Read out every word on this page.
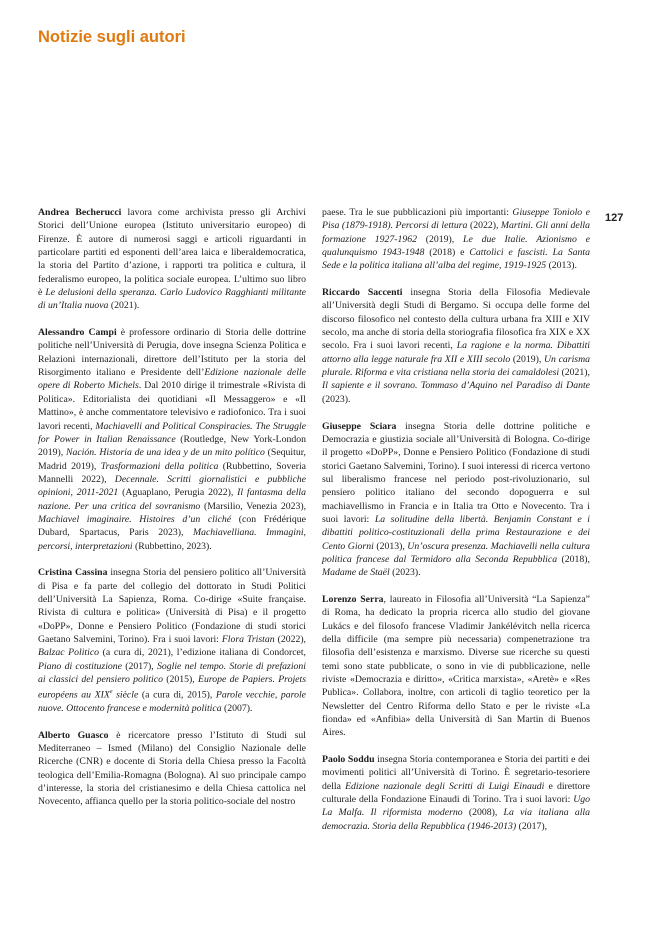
Notizie sugli autori
127

Andrea Becherucci lavora come archivista presso gli Archivi Storici dell’Unione europea (Istituto universitario europeo) di Firenze. È autore di numerosi saggi e articoli riguardanti in particolare partiti ed esponenti dell’area laica e liberaldemocratica, la storia del Partito d’azione, i rapporti tra politica e cultura, il federalismo europeo, la politica sociale europea. L’ultimo suo libro è Le delusioni della speranza. Carlo Ludovico Ragghianti militante di un’Italia nuova (2021).

Alessandro Campi è professore ordinario di Storia delle dottrine politiche nell’Università di Perugia, dove insegna Scienza Politica e Relazioni internazionali, direttore dell’Istituto per la storia del Risorgimento italiano e Presidente dell’Edizione nazionale delle opere di Roberto Michels. Dal 2010 dirige il trimestrale «Rivista di Politica». Editorialista dei quotidiani «Il Messaggero» e «Il Mattino», è anche commentatore televisivo e radiofonico. Tra i suoi lavori recenti, Machiavelli and Political Conspiracies. The Struggle for Power in Italian Renaissance (Routledge, New York-London 2019), Nación. Historia de una idea y de un mito político (Sequitur, Madrid 2019), Trasformazioni della politica (Rubbettino, Soveria Mannelli 2022), Decennale. Scritti giornalistici e pubbliche opinioni, 2011-2021 (Aguaplano, Perugia 2022), Il fantasma della nazione. Per una critica del sovranismo (Marsilio, Venezia 2023), Machiavel imaginaire. Histoires d’un cliché (con Frédérique Dubard, Spartacus, Paris 2023), Machiavelliana. Immagini, percorsi, interpretazioni (Rubbettino, 2023).

Cristina Cassina insegna Storia del pensiero politico all’Università di Pisa e fa parte del collegio del dottorato in Studi Politici dell’Università La Sapienza, Roma. Co-dirige «Suite française. Rivista di cultura e politica» (Università di Pisa) e il progetto «DoPP», Donne e Pensiero Politico (Fondazione di studi storici Gaetano Salvemini, Torino). Fra i suoi lavori: Flora Tristan (2022), Balzac Politico (a cura di, 2021), l’edizione italiana di Condorcet, Piano di costituzione (2017), Soglie nel tempo. Storie di prefazioni ai classici del pensiero politico (2015), Europe de Papiers. Projets européens au XIXe siècle (a cura di, 2015), Parole vecchie, parole nuove. Ottocento francese e modernità politica (2007).

Alberto Guasco è ricercatore presso l’Istituto di Studi sul Mediterraneo – Ismed (Milano) del Consiglio Nazionale delle Ricerche (CNR) e docente di Storia della Chiesa presso la Facoltà teologica dell’Emilia-Romagna (Bologna). Al suo principale campo d’interesse, la storia del cristianesimo e della Chiesa cattolica nel Novecento, affianca quello per la storia politico-sociale del nostro

paese. Tra le sue pubblicazioni più importanti: Giuseppe Toniolo e Pisa (1879-1918). Percorsi di lettura (2022), Martini. Gli anni della formazione 1927-1962 (2019), Le due Italie. Azionismo e qualunquismo 1943-1948 (2018) e Cattolici e fascisti. La Santa Sede e la politica italiana all’alba del regime, 1919-1925 (2013).

Riccardo Saccenti insegna Storia della Filosofia Medievale all’Università degli Studi di Bergamo. Si occupa delle forme del discorso filosofico nel contesto della cultura urbana fra XIII e XIV secolo, ma anche di storia della storiografia filosofica fra XIX e XX secolo. Fra i suoi lavori recenti, La ragione e la norma. Dibattiti attorno alla legge naturale fra XII e XIII secolo (2019), Un carisma plurale. Riforma e vita cristiana nella storia dei camaldolesi (2021), Il sapiente e il sovrano. Tommaso d’Aquino nel Paradiso di Dante (2023).

Giuseppe Sciara insegna Storia delle dottrine politiche e Democrazia e giustizia sociale all’Università di Bologna. Co-dirige il progetto «DoPP», Donne e Pensiero Politico (Fondazione di studi storici Gaetano Salvemini, Torino). I suoi interessi di ricerca vertono sul liberalismo francese nel periodo post-rivoluzionario, sul pensiero politico italiano del secondo dopoguerra e sul machiavellismo in Francia e in Italia tra Otto e Novecento. Tra i suoi lavori: La solitudine della libertà. Benjamin Constant e i dibattiti politico-costituzionali della prima Restaurazione e dei Cento Giorni (2013), Un’oscura presenza. Machiavelli nella cultura politica francese dal Termidoro alla Seconda Repubblica (2018), Madame de Staël (2023).

Lorenzo Serra, laureato in Filosofia all’Università “La Sapienza” di Roma, ha dedicato la propria ricerca allo studio del giovane Lukács e del filosofo francese Vladimir Jankélévitch nella ricerca della difficile (ma sempre più necessaria) compenetrazione tra filosofia dell’esistenza e marxismo. Diverse sue ricerche su questi temi sono state pubblicate, o sono in vie di pubblicazione, nelle riviste «Democrazia e diritto», «Critica marxista», «Aretè» e «Res Publica». Collabora, inoltre, con articoli di taglio teoretico per la Newsletter del Centro Riforma dello Stato e per le riviste «La fionda» ed «Anfibia» della Università di San Martin di Buenos Aires.

Paolo Soddu insegna Storia contemporanea e Storia dei partiti e dei movimenti politici all’Università di Torino. È segretario-tesoriere della Edizione nazionale degli Scritti di Luigi Einaudi e direttore culturale della Fondazione Einaudi di Torino. Tra i suoi lavori: Ugo La Malfa. Il riformista moderno (2008), La via italiana alla democrazia. Storia della Repubblica (1946-2013) (2017),
